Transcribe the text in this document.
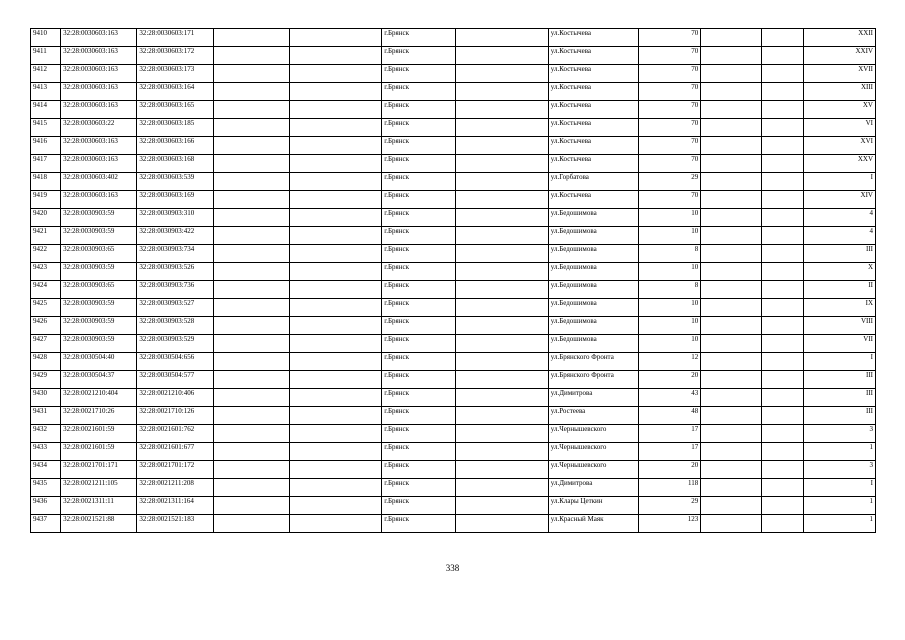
9410	32:28:0030603:163	32:28:0030603:171			г.Брянск		ул.Костычева	70			XXII
9411	32:28:0030603:163	32:28:0030603:172			г.Брянск		ул.Костычева	70			XXIV
9412	32:28:0030603:163	32:28:0030603:173			г.Брянск		ул.Костычева	70			XVII
9413	32:28:0030603:163	32:28:0030603:164			г.Брянск		ул.Костычева	70			XIII
9414	32:28:0030603:163	32:28:0030603:165			г.Брянск		ул.Костычева	70			XV
9415	32:28:0030603:22	32:28:0030603:185			г.Брянск		ул.Костычева	70			VI
9416	32:28:0030603:163	32:28:0030603:166			г.Брянск		ул.Костычева	70			XVI
9417	32:28:0030603:163	32:28:0030603:168			г.Брянск		ул.Костычева	70			XXV
9418	32:28:0030603:402	32:28:0030603:539			г.Брянск		ул.Горбатова	29			I
9419	32:28:0030603:163	32:28:0030603:169			г.Брянск		ул.Костычева	70			XIV
9420	32:28:0030903:59	32:28:0030903:310			г.Брянск		ул.Бедошимова	10			4
9421	32:28:0030903:59	32:28:0030903:422			г.Брянск		ул.Бедошимова	10			4
9422	32:28:0030903:65	32:28:0030903:734			г.Брянск		ул.Бедошимова	8			III
9423	32:28:0030903:59	32:28:0030903:526			г.Брянск		ул.Бедошимова	10			X
9424	32:28:0030903:65	32:28:0030903:736			г.Брянск		ул.Бедошимова	8			II
9425	32:28:0030903:59	32:28:0030903:527			г.Брянск		ул.Бедошимова	10			IX
9426	32:28:0030903:59	32:28:0030903:528			г.Брянск		ул.Бедошимова	10			VIII
9427	32:28:0030903:59	32:28:0030903:529			г.Брянск		ул.Бедошимова	10			VII
9428	32:28:0030504:40	32:28:0030504:656			г.Брянск		ул.Брянского Фронта	12			I
9429	32:28:0030504:37	32:28:0030504:577			г.Брянск		ул.Брянского Фронта	20			III
9430	32:28:0021210:404	32:28:0021210:406			г.Брянск		ул.Димитрова	43			III
9431	32:28:0021710:26	32:28:0021710:126			г.Брянск		ул.Ростеева	48			III
9432	32:28:0021601:59	32:28:0021601:762			г.Брянск		ул.Чернышевского	17			3
9433	32:28:0021601:59	32:28:0021601:677			г.Брянск		ул.Чернышевского	17			1
9434	32:28:0021701:171	32:28:0021701:172			г.Брянск		ул.Чернышевского	20			3
9435	32:28:0021211:105	32:28:0021211:208			г.Брянск		ул.Димитрова	118			I
9436	32:28:0021311:11	32:28:0021311:164			г.Брянск		ул.Клары Цеткин	29			1
9437	32:28:0021521:88	32:28:0021521:183			г.Брянск		ул.Красный Маяк	123			1
338
